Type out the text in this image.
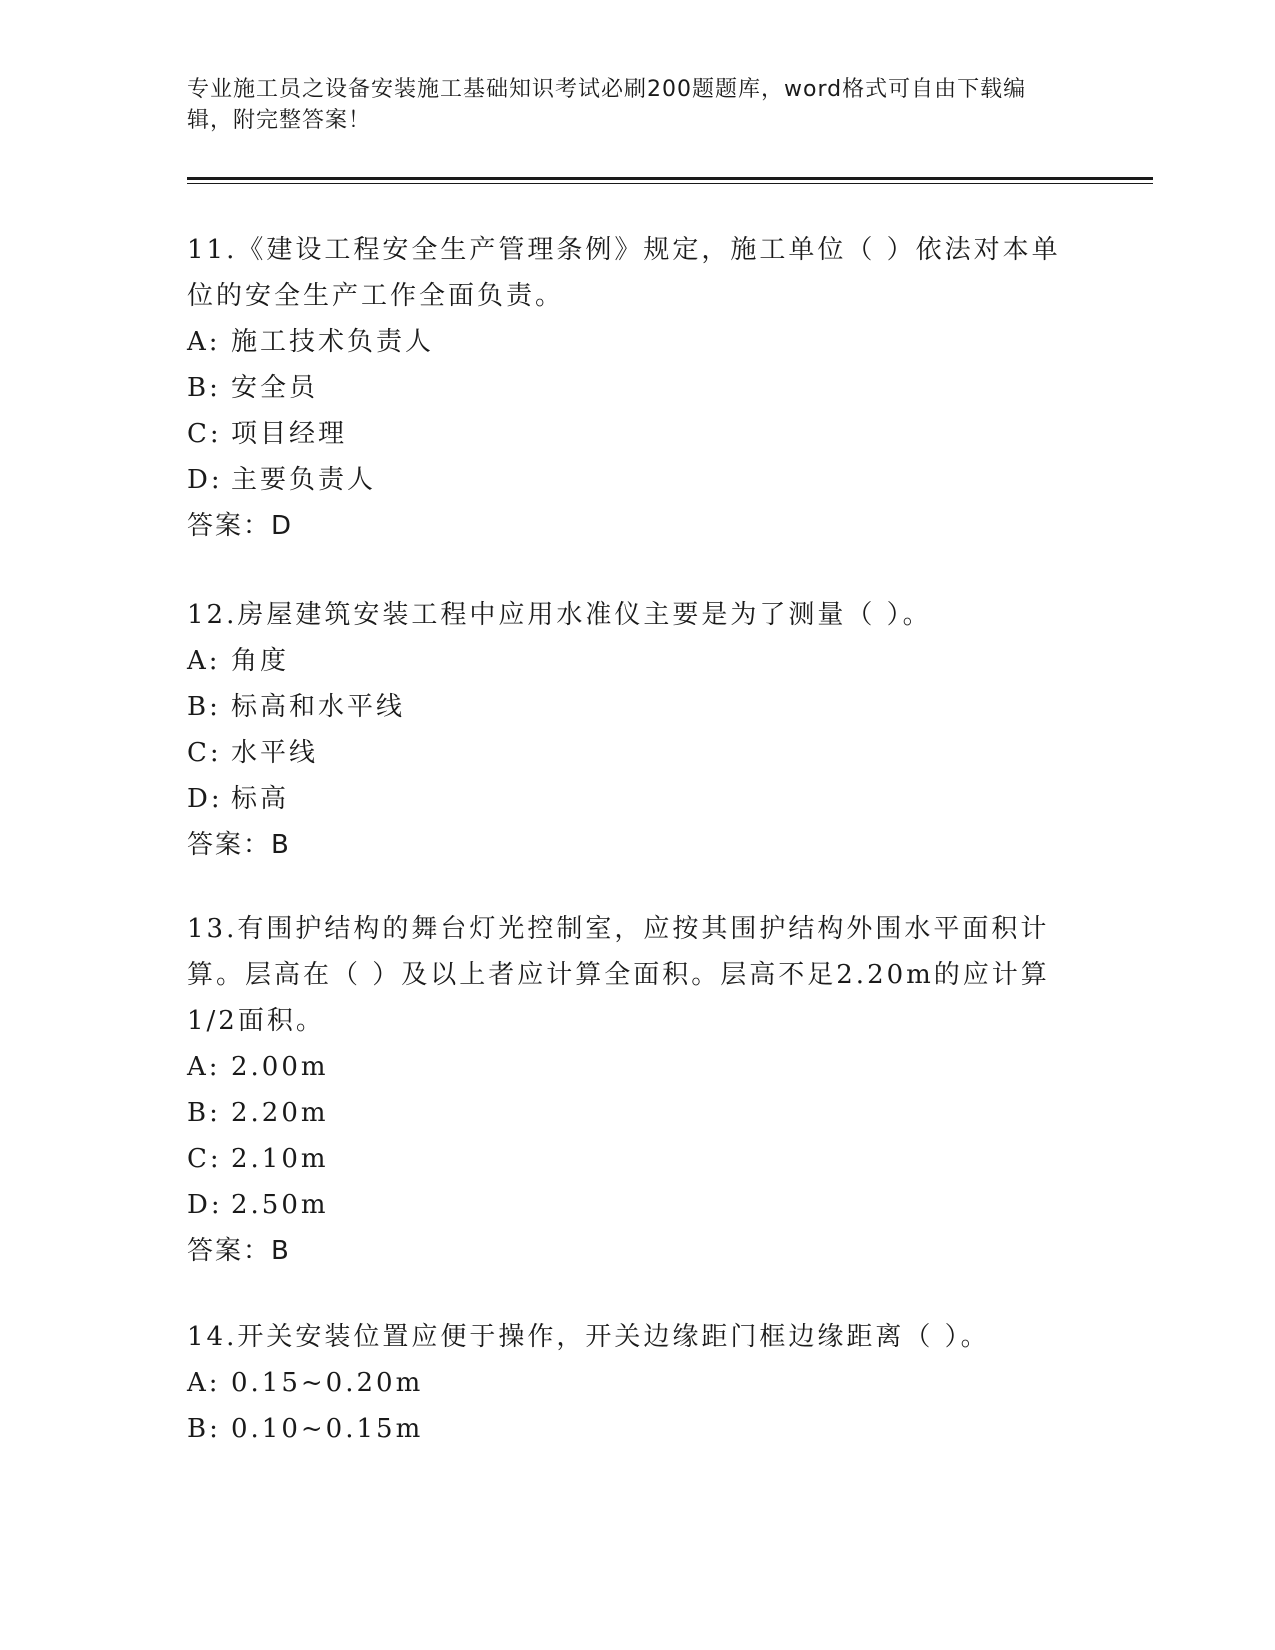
专业施工员之设备安装施工基础知识考试必刷200题题库，word格式可自由下载编辑，附完整答案！

11.《建设工程安全生产管理条例》规定，施工单位（ ）依法对本单位的安全生产工作全面负责。

A: 施工技术负责人

B: 安全员

C: 项目经理

D: 主要负责人

答案：D

12.房屋建筑安装工程中应用水准仪主要是为了测量（ ）。

A: 角度

B: 标高和水平线

C: 水平线

D: 标高

答案：B

13.有围护结构的舞台灯光控制室，应按其围护结构外围水平面积计算。层高在（ ）及以上者应计算全面积。层高不足2.20m的应计算1/2面积。

A: 2.00m

B: 2.20m

C: 2.10m

D: 2.50m

答案：B

14.开关安装位置应便于操作，开关边缘距门框边缘距离（ ）。

A: 0.15~0.20m

B: 0.10~0.15m
